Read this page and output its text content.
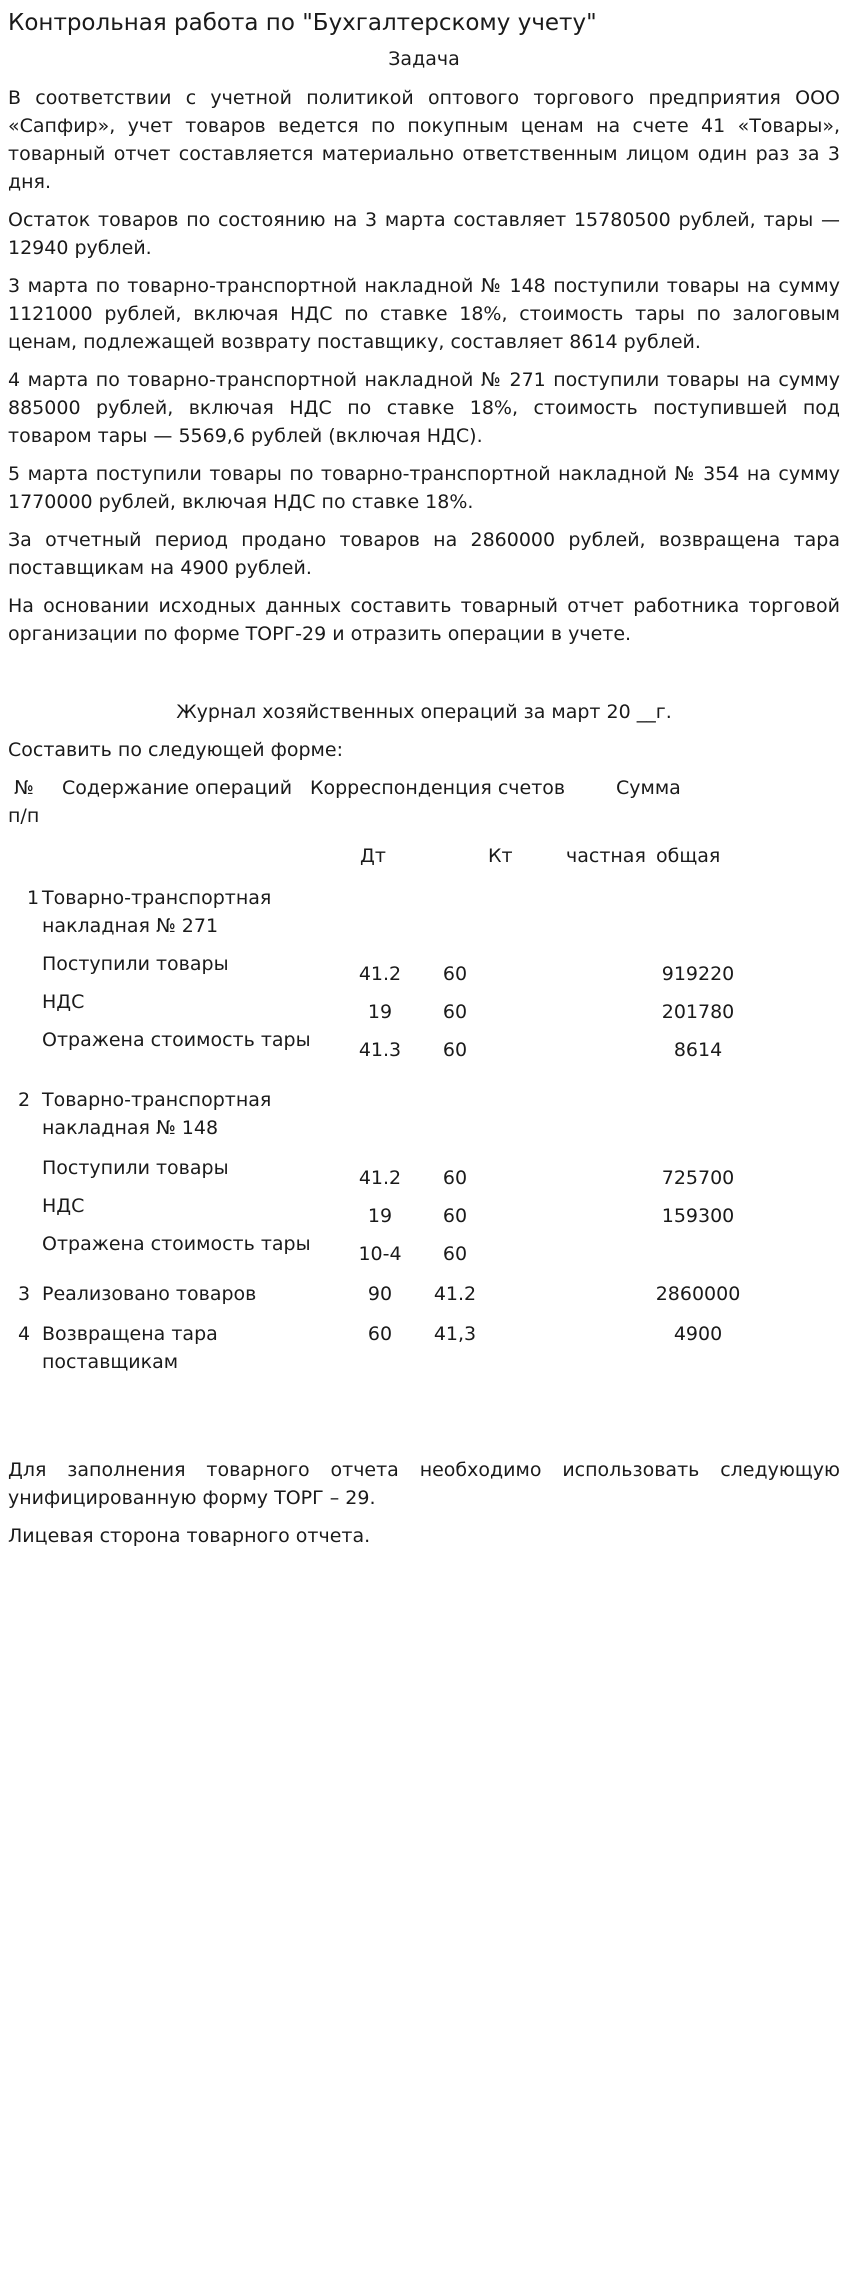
Контрольная работа по "Бухгалтерскому учету"
Задача

В соответствии с учетной политикой оптового торгового предприятия ООО «Сапфир», учет товаров ведется по покупным ценам на счете 41 «Товары», товарный отчет составляется материально ответственным лицом один раз за 3 дня.

Остаток товаров по состоянию на 3 марта составляет 15780500 рублей, тары — 12940 рублей.

3 марта по товарно-транспортной накладной № 148 поступили товары на сумму 1121000 рублей, включая НДС по ставке 18%, стоимость тары по залоговым ценам, подлежащей возврату поставщику, составляет 8614 рублей.

4 марта по товарно-транспортной накладной № 271 поступили товары на сумму 885000 рублей, включая НДС по ставке 18%, стоимость поступившей под товаром тары — 5569,6 рублей (включая НДС).

5 марта поступили товары по товарно-транспортной накладной № 354 на сумму 1770000 рублей, включая НДС по ставке 18%.

За отчетный период продано товаров на 2860000 рублей, возвращена тара поставщикам на 4900 рублей.

На основании исходных данных составить товарный отчет работника торговой организации по форме ТОРГ-29 и отразить операции в учете.

Журнал хозяйственных операций за март 20 __г.
Составить по следующей форме:
№
п/п
Содержание операций Корреспонденция счетов	Сумма
Дт	Кт	частная общая
1 Товарно-транспортная
накладная № 271
Поступили товары	41.2	60	919220
НДС	19	60	201780
Отражена стоимость тары	41.3	60	8614
2 Товарно-транспортная
накладная № 148
Поступили товары	41.2	60	725700
НДС	19	60	159300
Отражена стоимость тары	10-4	60
3 Реализовано товаров	90	41.2	2860000
4 Возвращена тара	60	41,3	4900
поставщикам

Для заполнения товарного отчета необходимо использовать следующую унифицированную форму ТОРГ – 29.

Лицевая сторона товарного отчета.
